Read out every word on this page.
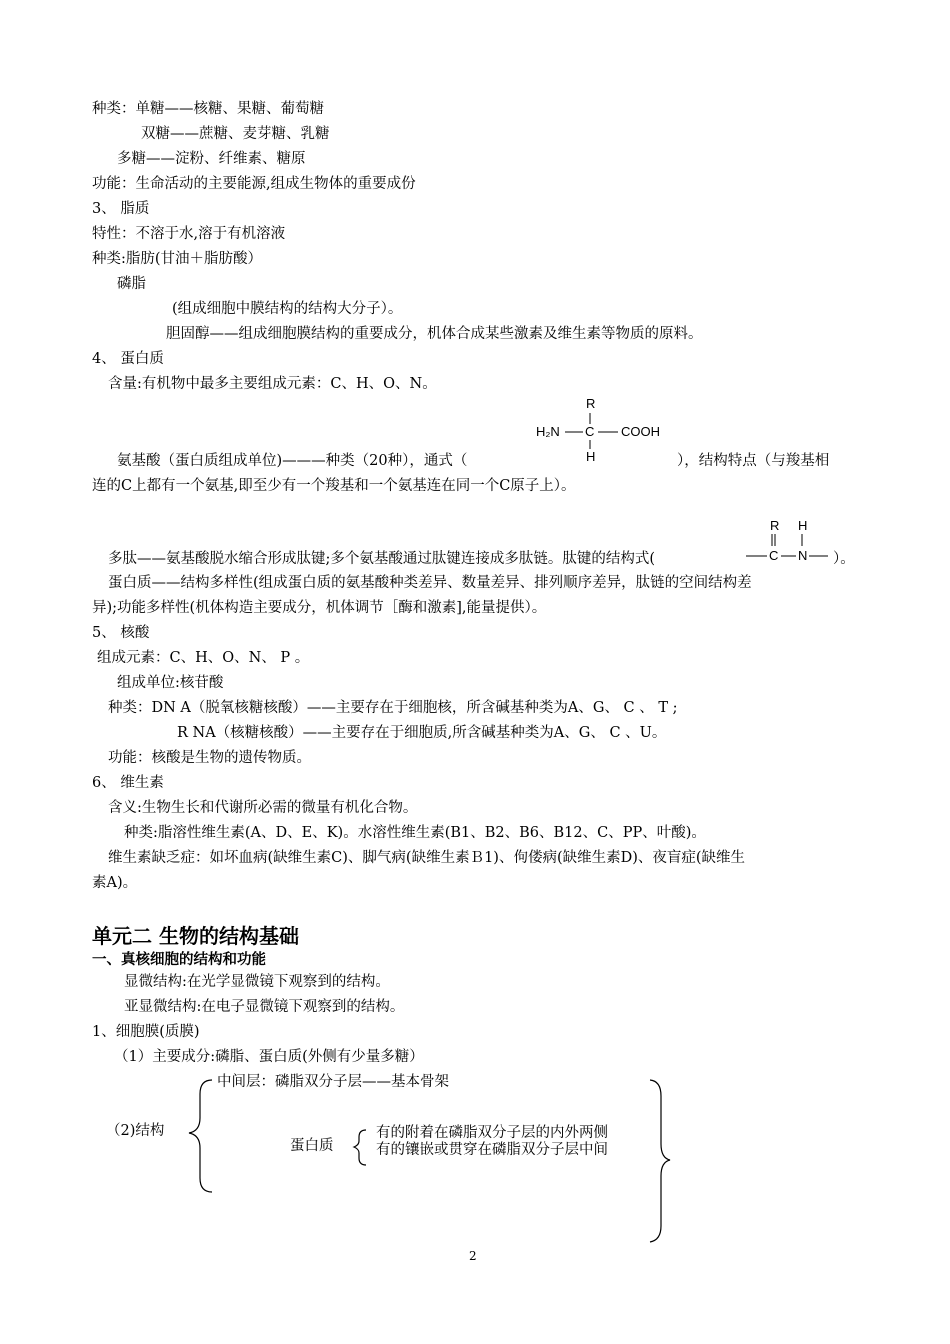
种类：单糖——核糖、果糖、葡萄糖
双糖——蔗糖、麦芽糖、乳糖
多糖——淀粉、纤维素、糖原
功能：生命活动的主要能源,组成生物体的重要成份
3、 脂质
特性：不溶于水,溶于有机溶液
种类:脂肪(甘油＋脂肪酸）
磷脂
(组成细胞中膜结构的结构大分子）。
胆固醇——组成细胞膜结构的重要成分，机体合成某些激素及维生素等物质的原料。
4、 蛋白质
含量:有机物中最多主要组成元素：C、H、O、N。
R
H₂N C COOH
H
氨基酸（蛋白质组成单位)———种类（20种），通式（	），结构特点（与羧基相
连的C上都有一个氨基,即至少有一个羧基和一个氨基连在同一个C原子上）。
R H
C N
多肽——氨基酸脱水缩合形成肽键;多个氨基酸通过肽键连接成多肽链。肽键的结构式(	）。
蛋白质——结构多样性(组成蛋白质的氨基酸种类差异、数量差异、排列顺序差异，肽链的空间结构差
异);功能多样性(机体构造主要成分，机体调节［酶和激素],能量提供）。
5、 核酸
组成元素：C、H、O、N、 P 。
组成单位:核苷酸
种类：DN A（脱氧核糖核酸）——主要存在于细胞核，所含碱基种类为A、G、 C 、 T ;
R NA（核糖核酸）——主要存在于细胞质,所含碱基种类为A、G、 C 、U。
功能：核酸是生物的遗传物质。
6、 维生素
含义:生物生长和代谢所必需的微量有机化合物。
种类:脂溶性维生素(A、D、E、K)。水溶性维生素(B1、B2、B6、B12、C、PP、叶酸)。
维生素缺乏症：如坏血病(缺维生素C)、脚气病(缺维生素Ｂ1)、佝偻病(缺维生素D)、夜盲症(缺维生
素A)。
单元二 生物的结构基础
一、真核细胞的结构和功能
显微结构:在光学显微镜下观察到的结构。
亚显微结构:在电子显微镜下观察到的结构。
1、细胞膜(质膜)
（1）主要成分:磷脂、蛋白质(外侧有少量多糖）
中间层：磷脂双分子层——基本骨架
（2)结构
蛋白质
有的附着在磷脂双分子层的内外两侧
有的镶嵌或贯穿在磷脂双分子层中间
2
